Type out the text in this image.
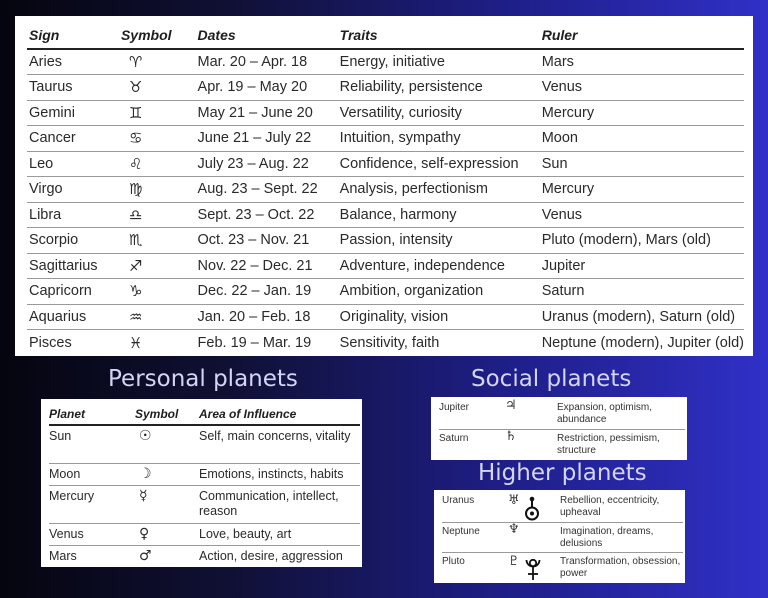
Sign	Symbol	Dates	Traits	Ruler
Aries	♈︎	Mar. 20 – Apr. 18	Energy, initiative	Mars
Taurus	♉︎	Apr. 19 – May 20	Reliability, persistence	Venus
Gemini	♊︎	May 21 – June 20	Versatility, curiosity	Mercury
Cancer	♋︎	June 21 – July 22	Intuition, sympathy	Moon
Leo	♌︎	July 23 – Aug. 22	Confidence, self-expression	Sun
Virgo	♍︎	Aug. 23 – Sept. 22	Analysis, perfectionism	Mercury
Libra	♎︎	Sept. 23 – Oct. 22	Balance, harmony	Venus
Scorpio	♏︎	Oct. 23 – Nov. 21	Passion, intensity	Pluto (modern), Mars (old)
Sagittarius	♐︎	Nov. 22 – Dec. 21	Adventure, independence	Jupiter
Capricorn	♑︎	Dec. 22 – Jan. 19	Ambition, organization	Saturn
Aquarius	♒︎	Jan. 20 – Feb. 18	Originality, vision	Uranus (modern), Saturn (old)
Pisces	♓︎	Feb. 19 – Mar. 19	Sensitivity, faith	Neptune (modern), Jupiter (old)
Personal planets	Social planets
Higher planets
Planet	Symbol	Area of Influence
Sun	☉︎	Self, main concerns, vitality
Moon	☽︎	Emotions, instincts, habits
Mercury	☿︎	Communication, intellect, reason
Venus	♀︎	Love, beauty, art
Mars	♂︎	Action, desire, aggression
Jupiter	♃︎	Expansion, optimism, abundance
Saturn	♄︎	Restriction, pessimism, structure
Uranus	♅︎	Rebellion, eccentricity, upheaval
Neptune	♆︎	Imagination, dreams, delusions
Pluto	♇︎	Transformation, obsession, power
